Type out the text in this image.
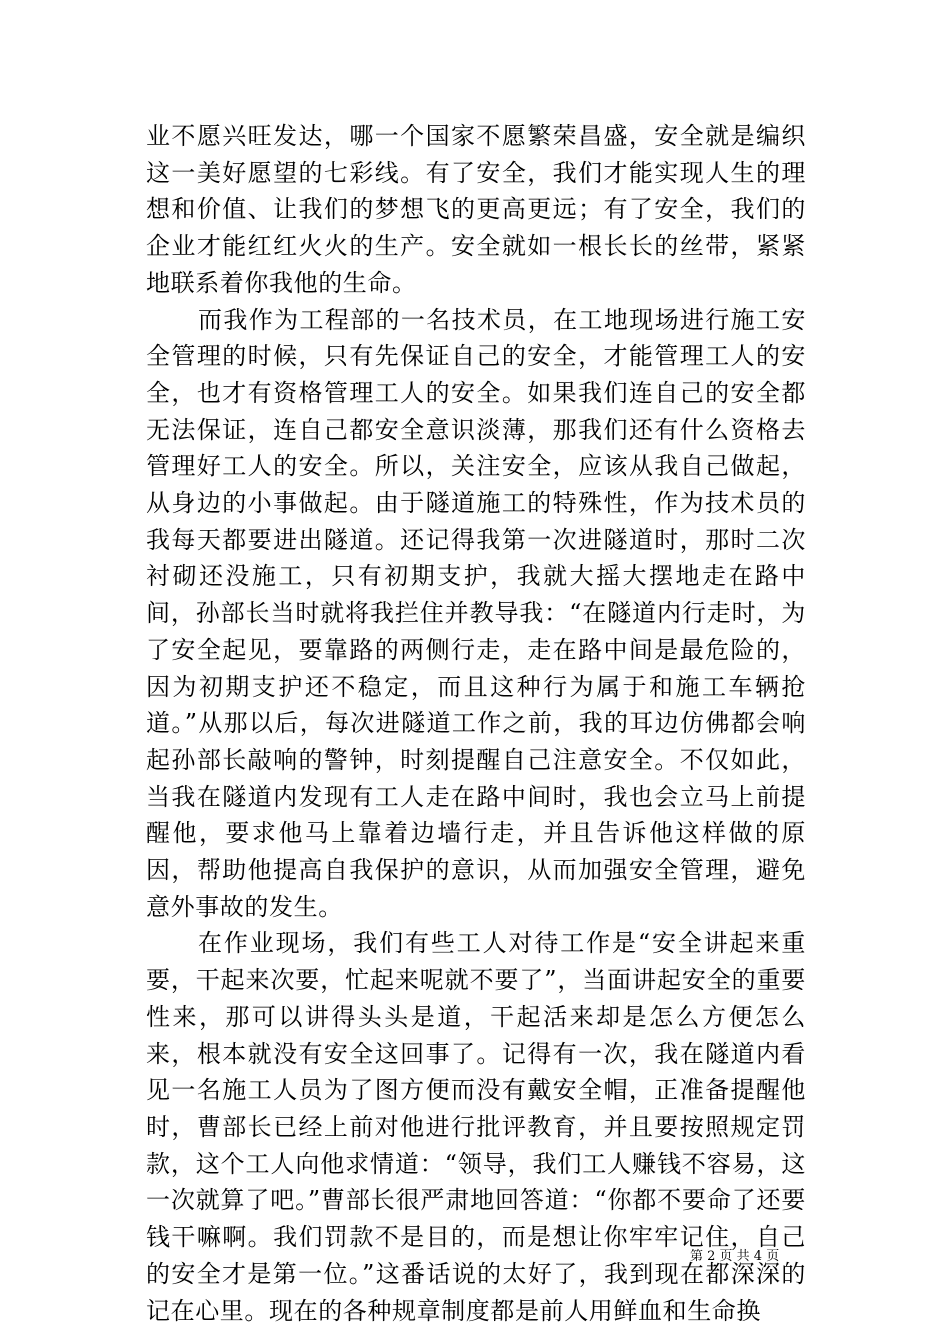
业不愿兴旺发达，哪一个国家不愿繁荣昌盛，安全就是编织这一美好愿望的七彩线。有了安全，我们才能实现人生的理想和价值、让我们的梦想飞的更高更远；有了安全，我们的企业才能红红火火的生产。安全就如一根长长的丝带，紧紧地联系着你我他的生命。

而我作为工程部的一名技术员，在工地现场进行施工安全管理的时候，只有先保证自己的安全，才能管理工人的安全，也才有资格管理工人的安全。如果我们连自己的安全都无法保证，连自己都安全意识淡薄，那我们还有什么资格去管理好工人的安全。所以，关注安全，应该从我自己做起，从身边的小事做起。由于隧道施工的特殊性，作为技术员的我每天都要进出隧道。还记得我第一次进隧道时，那时二次衬砌还没施工，只有初期支护，我就大摇大摆地走在路中间，孙部长当时就将我拦住并教导我：“在隧道内行走时，为了安全起见，要靠路的两侧行走，走在路中间是最危险的，因为初期支护还不稳定，而且这种行为属于和施工车辆抢道。”从那以后，每次进隧道工作之前，我的耳边仿佛都会响起孙部长敲响的警钟，时刻提醒自己注意安全。不仅如此，当我在隧道内发现有工人走在路中间时，我也会立马上前提醒他，要求他马上靠着边墙行走，并且告诉他这样做的原因，帮助他提高自我保护的意识，从而加强安全管理，避免意外事故的发生。

在作业现场，我们有些工人对待工作是“安全讲起来重要，干起来次要，忙起来呢就不要了”，当面讲起安全的重要性来，那可以讲得头头是道，干起活来却是怎么方便怎么来，根本就没有安全这回事了。记得有一次，我在隧道内看见一名施工人员为了图方便而没有戴安全帽，正准备提醒他时，曹部长已经上前对他进行批评教育，并且要按照规定罚款，这个工人向他求情道：“领导，我们工人赚钱不容易，这一次就算了吧。”曹部长很严肃地回答道：“你都不要命了还要钱干嘛啊。我们罚款不是目的，而是想让你牢牢记住，自己的安全才是第一位。”这番话说的太好了，我到现在都深深的记在心里。现在的各种规章制度都是前人用鲜血和生命换

第 2 页 共 4 页
